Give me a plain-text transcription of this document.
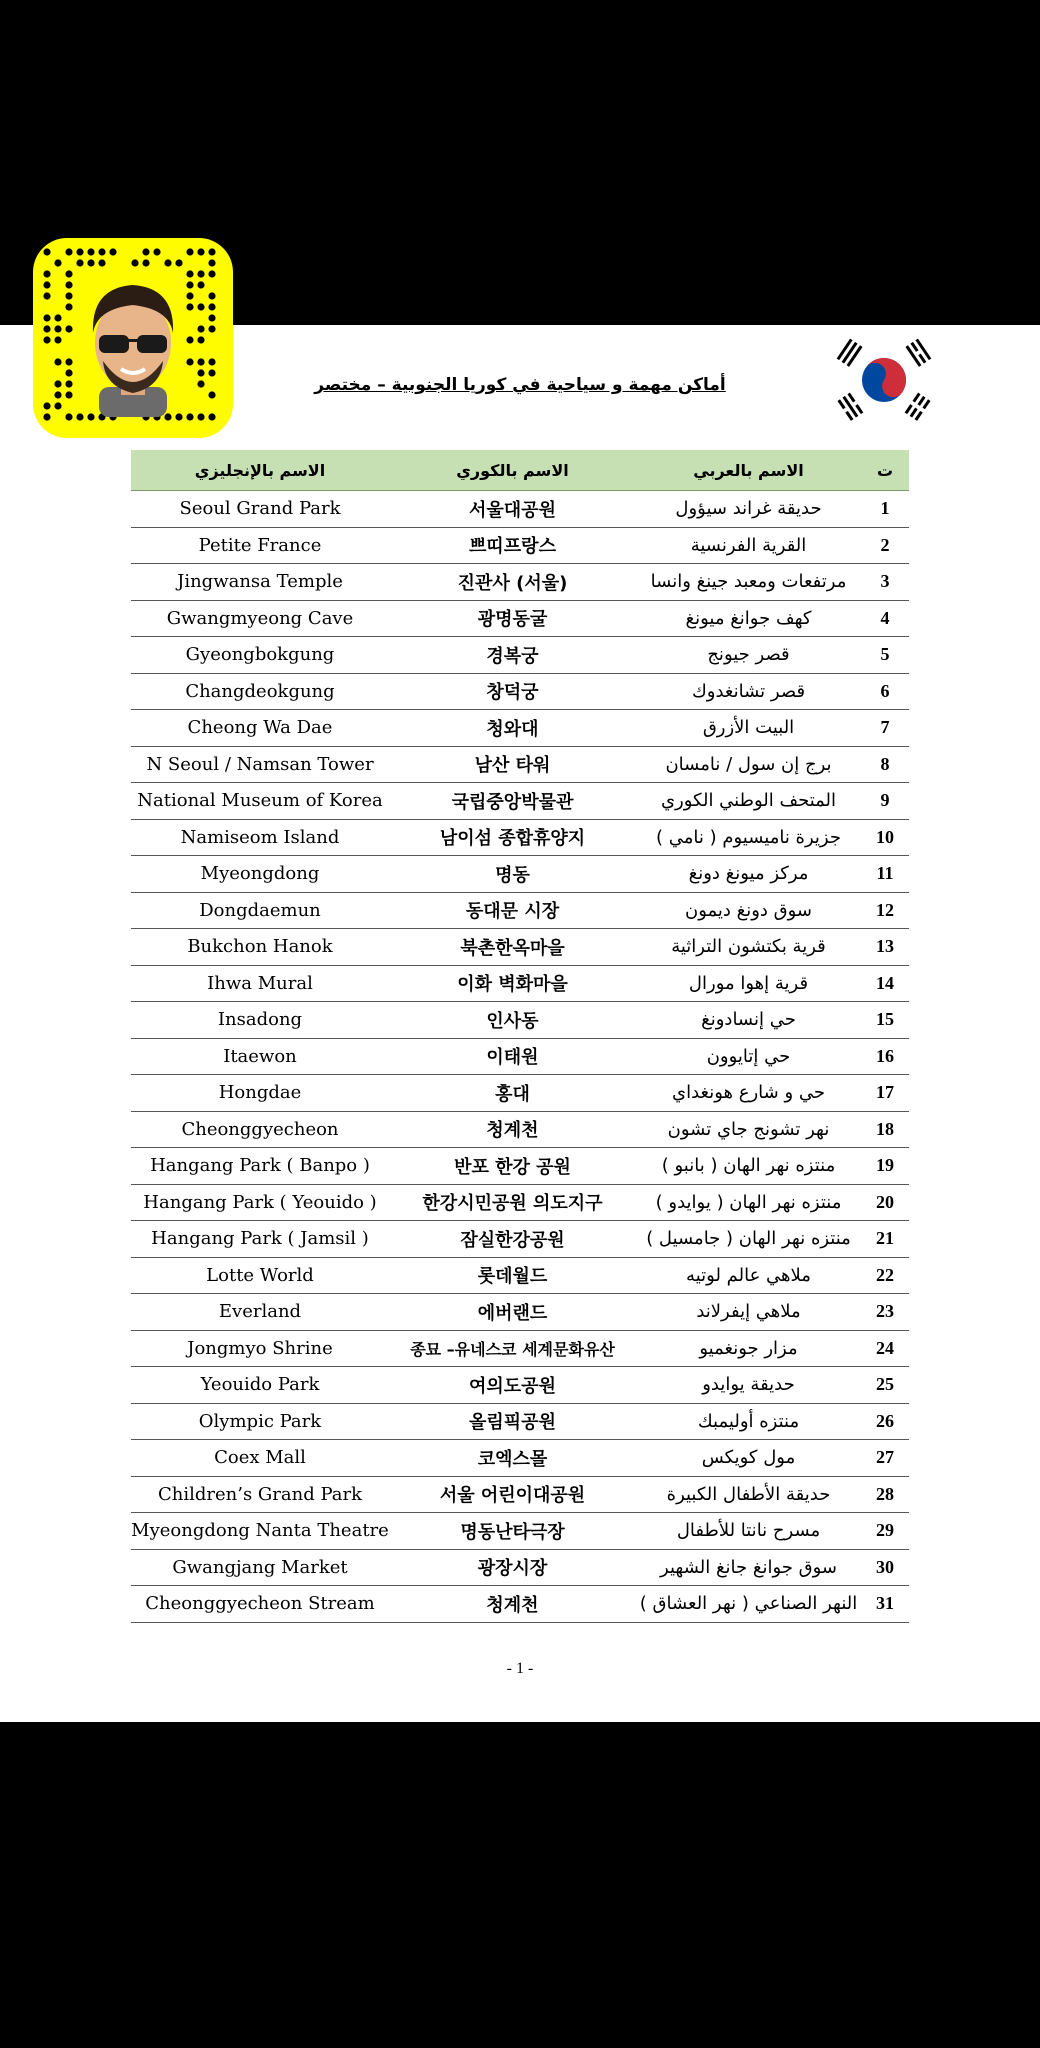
أماكن مهمة و سياحية في كوريا الجنوبية – مختصر
الاسم بالإنجليزي	الاسم بالكوري	الاسم بالعربي	ت
Seoul Grand Park	서울대공원	حديقة غراند سيؤول	1
Petite France	쁘띠프랑스	القرية الفرنسية	2
Jingwansa Temple	진관사 (서울)	مرتفعات ومعبد جينغ وانسا	3
Gwangmyeong Cave	광명동굴	كهف جوانغ ميونغ	4
Gyeongbokgung	경복궁	قصر جيونج	5
Changdeokgung	창덕궁	قصر تشانغدوك	6
Cheong Wa Dae	청와대	البيت الأزرق	7
N Seoul / Namsan Tower	남산 타워	برج إن سول / نامسان	8
National Museum of Korea	국립중앙박물관	المتحف الوطني الكوري	9
Namiseom Island	남이섬 종합휴양지	جزيرة ناميسيوم ( نامي )	10
Myeongdong	명동	مركز ميونغ دونغ	11
Dongdaemun	동대문 시장	سوق دونغ ديمون	12
Bukchon Hanok	북촌한옥마을	قرية بكتشون التراثية	13
Ihwa Mural	이화 벽화마을	قرية إهوا مورال	14
Insadong	인사동	حي إنسادونغ	15
Itaewon	이태원	حي إتايوون	16
Hongdae	홍대	حي و شارع هونغداي	17
Cheonggyecheon	청계천	نهر تشونج جاي تشون	18
Hangang Park ( Banpo )	반포 한강 공원	منتزه نهر الهان ( بانبو )	19
Hangang Park ( Yeouido )	한강시민공원 의도지구	منتزه نهر الهان ( يوايدو )	20
Hangang Park ( Jamsil )	잠실한강공원	منتزه نهر الهان ( جامسيل )	21
Lotte World	롯데월드	ملاهي عالم لوتيه	22
Everland	에버랜드	ملاهي إيفرلاند	23
Jongmyo Shrine	종묘 –유네스코 세계문화유산	مزار جونغميو	24
Yeouido Park	여의도공원	حديقة يوايدو	25
Olympic Park	올림픽공원	منتزه أوليمبك	26
Coex Mall	코엑스몰	مول كويكس	27
Children’s Grand Park	서울 어린이대공원	حديقة الأطفال الكبيرة	28
Myeongdong Nanta Theatre	명동난타극장	مسرح نانتا للأطفال	29
Gwangjang Market	광장시장	سوق جوانغ جانغ الشهير	30
Cheonggyecheon Stream	청계천	النهر الصناعي ( نهر العشاق )	31
- 1 -
